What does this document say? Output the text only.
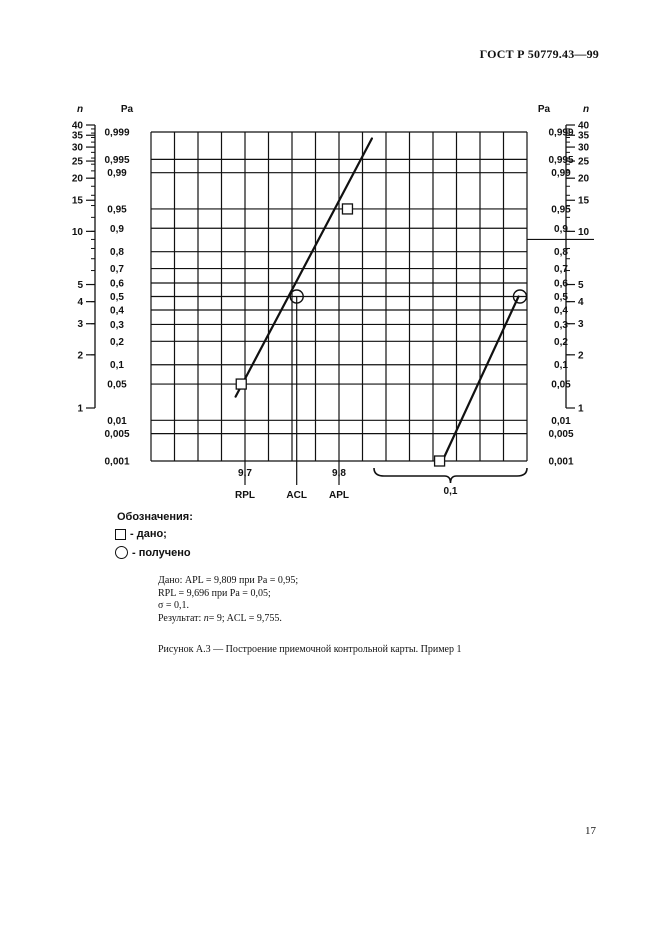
ГОСТ Р 50779.43—99
0,999	0,999
0,995	0,995
0,99	0,99
0,95	0,95
0,9	0,9
0,8	0,8
0,7	0,7
0,6	0,6
0,5	0,5
0,4	0,4
0,3	0,3
0,2	0,2
0,1	0,1
0,05	0,05
0,01	0,01
0,005	0,005
0,001	0,001
Pa	Pa
n	n
40	40
35	35
30	30
25	25
20	20
15	15
10	10
5	5
4	4
3	3
2	2
1	1
9,7
RPL	ACL
9,8
APL	0,1
Обозначения:
- дано;
- получено
Дано: APL = 9,809 при Pa = 0,95;
RPL = 9,696 при Pa = 0,05;
σ = 0,1.
Результат: n= 9; ACL = 9,755.
Рисунок А.3 — Построение приемочной контрольной карты. Пример 1
17
